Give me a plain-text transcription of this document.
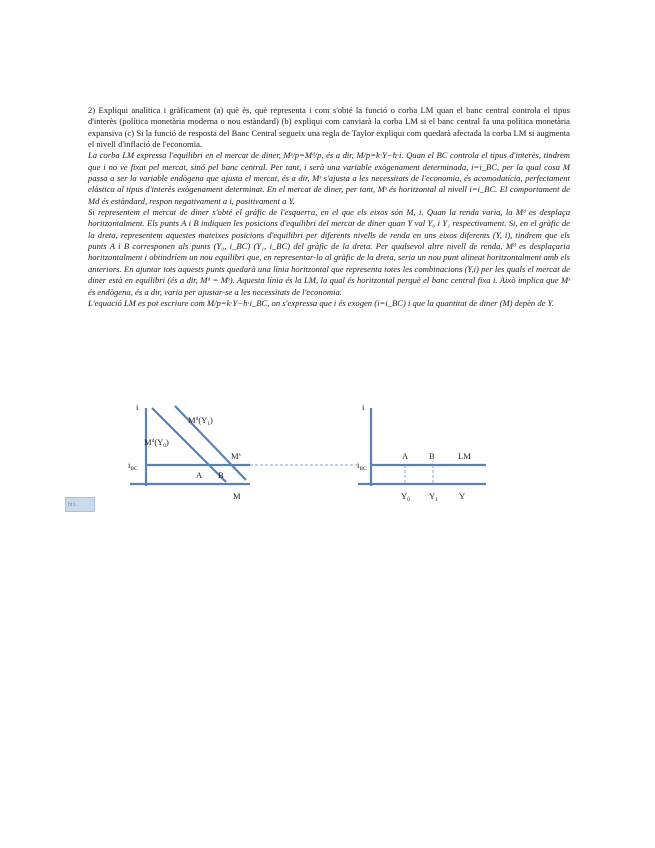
2) Expliqui analítica i gràficament (a) què és, què representa i com s'obté la funció o corba LM quan el banc central controla el tipus d'interès (política monetària moderna o nou estàndard) (b) expliqui com canviarà la corba LM si el banc central fa una política monetària expansiva (c) Si la funció de resposta del Banc Central segueix una regla de Taylor expliqui com quedarà afectada la corba LM si augmenta el nivell d'inflació de l'economia.

La corba LM expressa l'equilibri en el mercat de diner, Mˢ/p=Mᵈ/p, és a dir, M/p=k·Y−h·i. Quan el BC controla el tipus d'interès, tindrem que i no ve fixat pel mercat, sinó pel banc central. Per tant, i serà una variable exògenament determinada, i=i_BC, per la qual cosa M passa a ser la variable endògena que ajusta el mercat, és a dir, Mˢ s'ajusta a les necessitats de l'economia, és acomodatícia, perfectament elàstica al tipus d'interès exògenament determinat. En el mercat de diner, per tant, Mˢ és horitzontal al nivell i=i_BC. El comportament de Md és estàndard, respon negativament a i, positivament a Y.

Si representem el mercat de diner s'obté el gràfic de l'esquerra, en el que els eixos són M, i. Quan la renda varia, la Mᵈ es desplaça horitzontalment. Els punts A i B indiquen les posicions d'equilibri del mercat de diner quan Y val Y₀ i Y₁ respectivament. Si, en el gràfic de la dreta, representem aquestes mateixes posicions d'equilibri per diferents nivells de renda en uns eixos diferents (Y, i), tindrem que els punts A i B corresponen als punts (Y₀, i_BC) (Y₁, i_BC) del gràfic de la dreta. Per qualsevol altre nivell de renda, Mᵈ es desplaçaria horitzontalment i obtindríem un nou equilibri que, en representar-lo al gràfic de la dreta, seria un nou punt alineat horitzontalment amb els anteriors. En ajuntar tots aquests punts quedarà una línia horitzontal que representa totes les combinacions (Y,i) per les quals el mercat de diner està en equilibri (és a dir, Mᵈ = Mˢ). Aquesta línia és la LM, la qual és horitzontal perquè el banc central fixa i. Això implica que Mˢ és endògena, és a dir, varia per ajustar-se a les necessitats de l'economia.

L'equació LM es pot escriure com M/p=k·Y−h·i_BC, on s'expressa que i és exogen (i=i_BC) i que la quantitat de diner (M) depèn de Y.

i
$i_{BC}$
M
$M^d(Y_1)$
$M^d(Y_0)$
$M^s$
A B
i
$i_{BC}$
A B	LM
$Y_0$ $Y_1$ Y
ht t...
